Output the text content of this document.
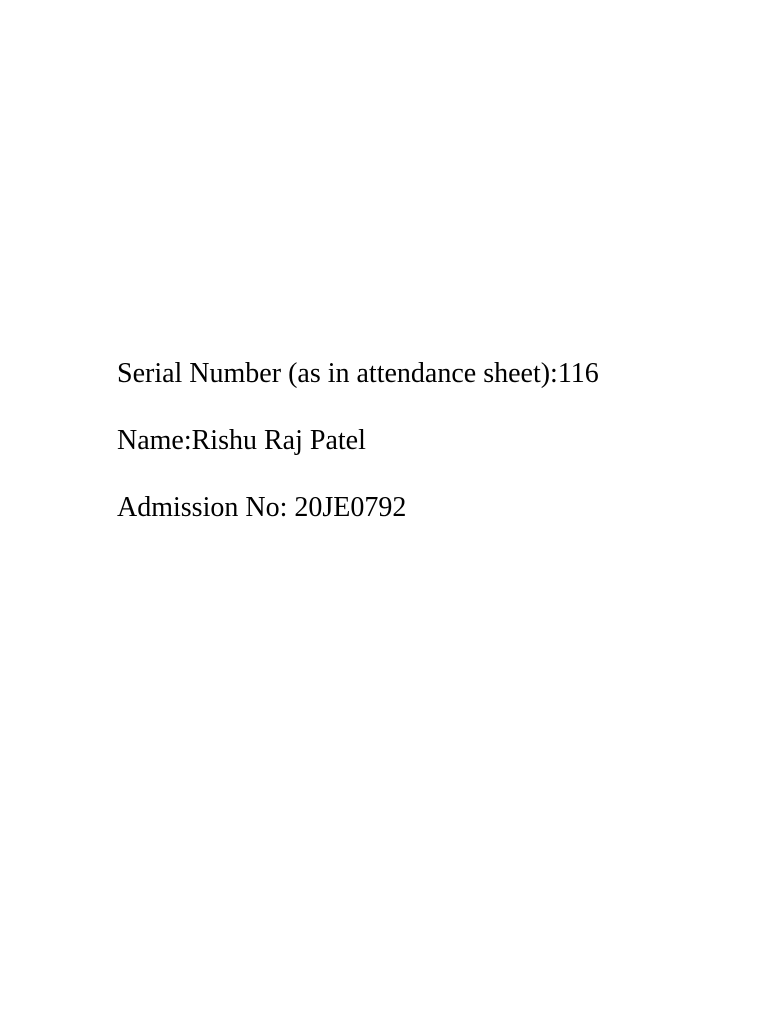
Serial Number (as in attendance sheet):116
Name:Rishu Raj Patel
Admission No: 20JE0792
